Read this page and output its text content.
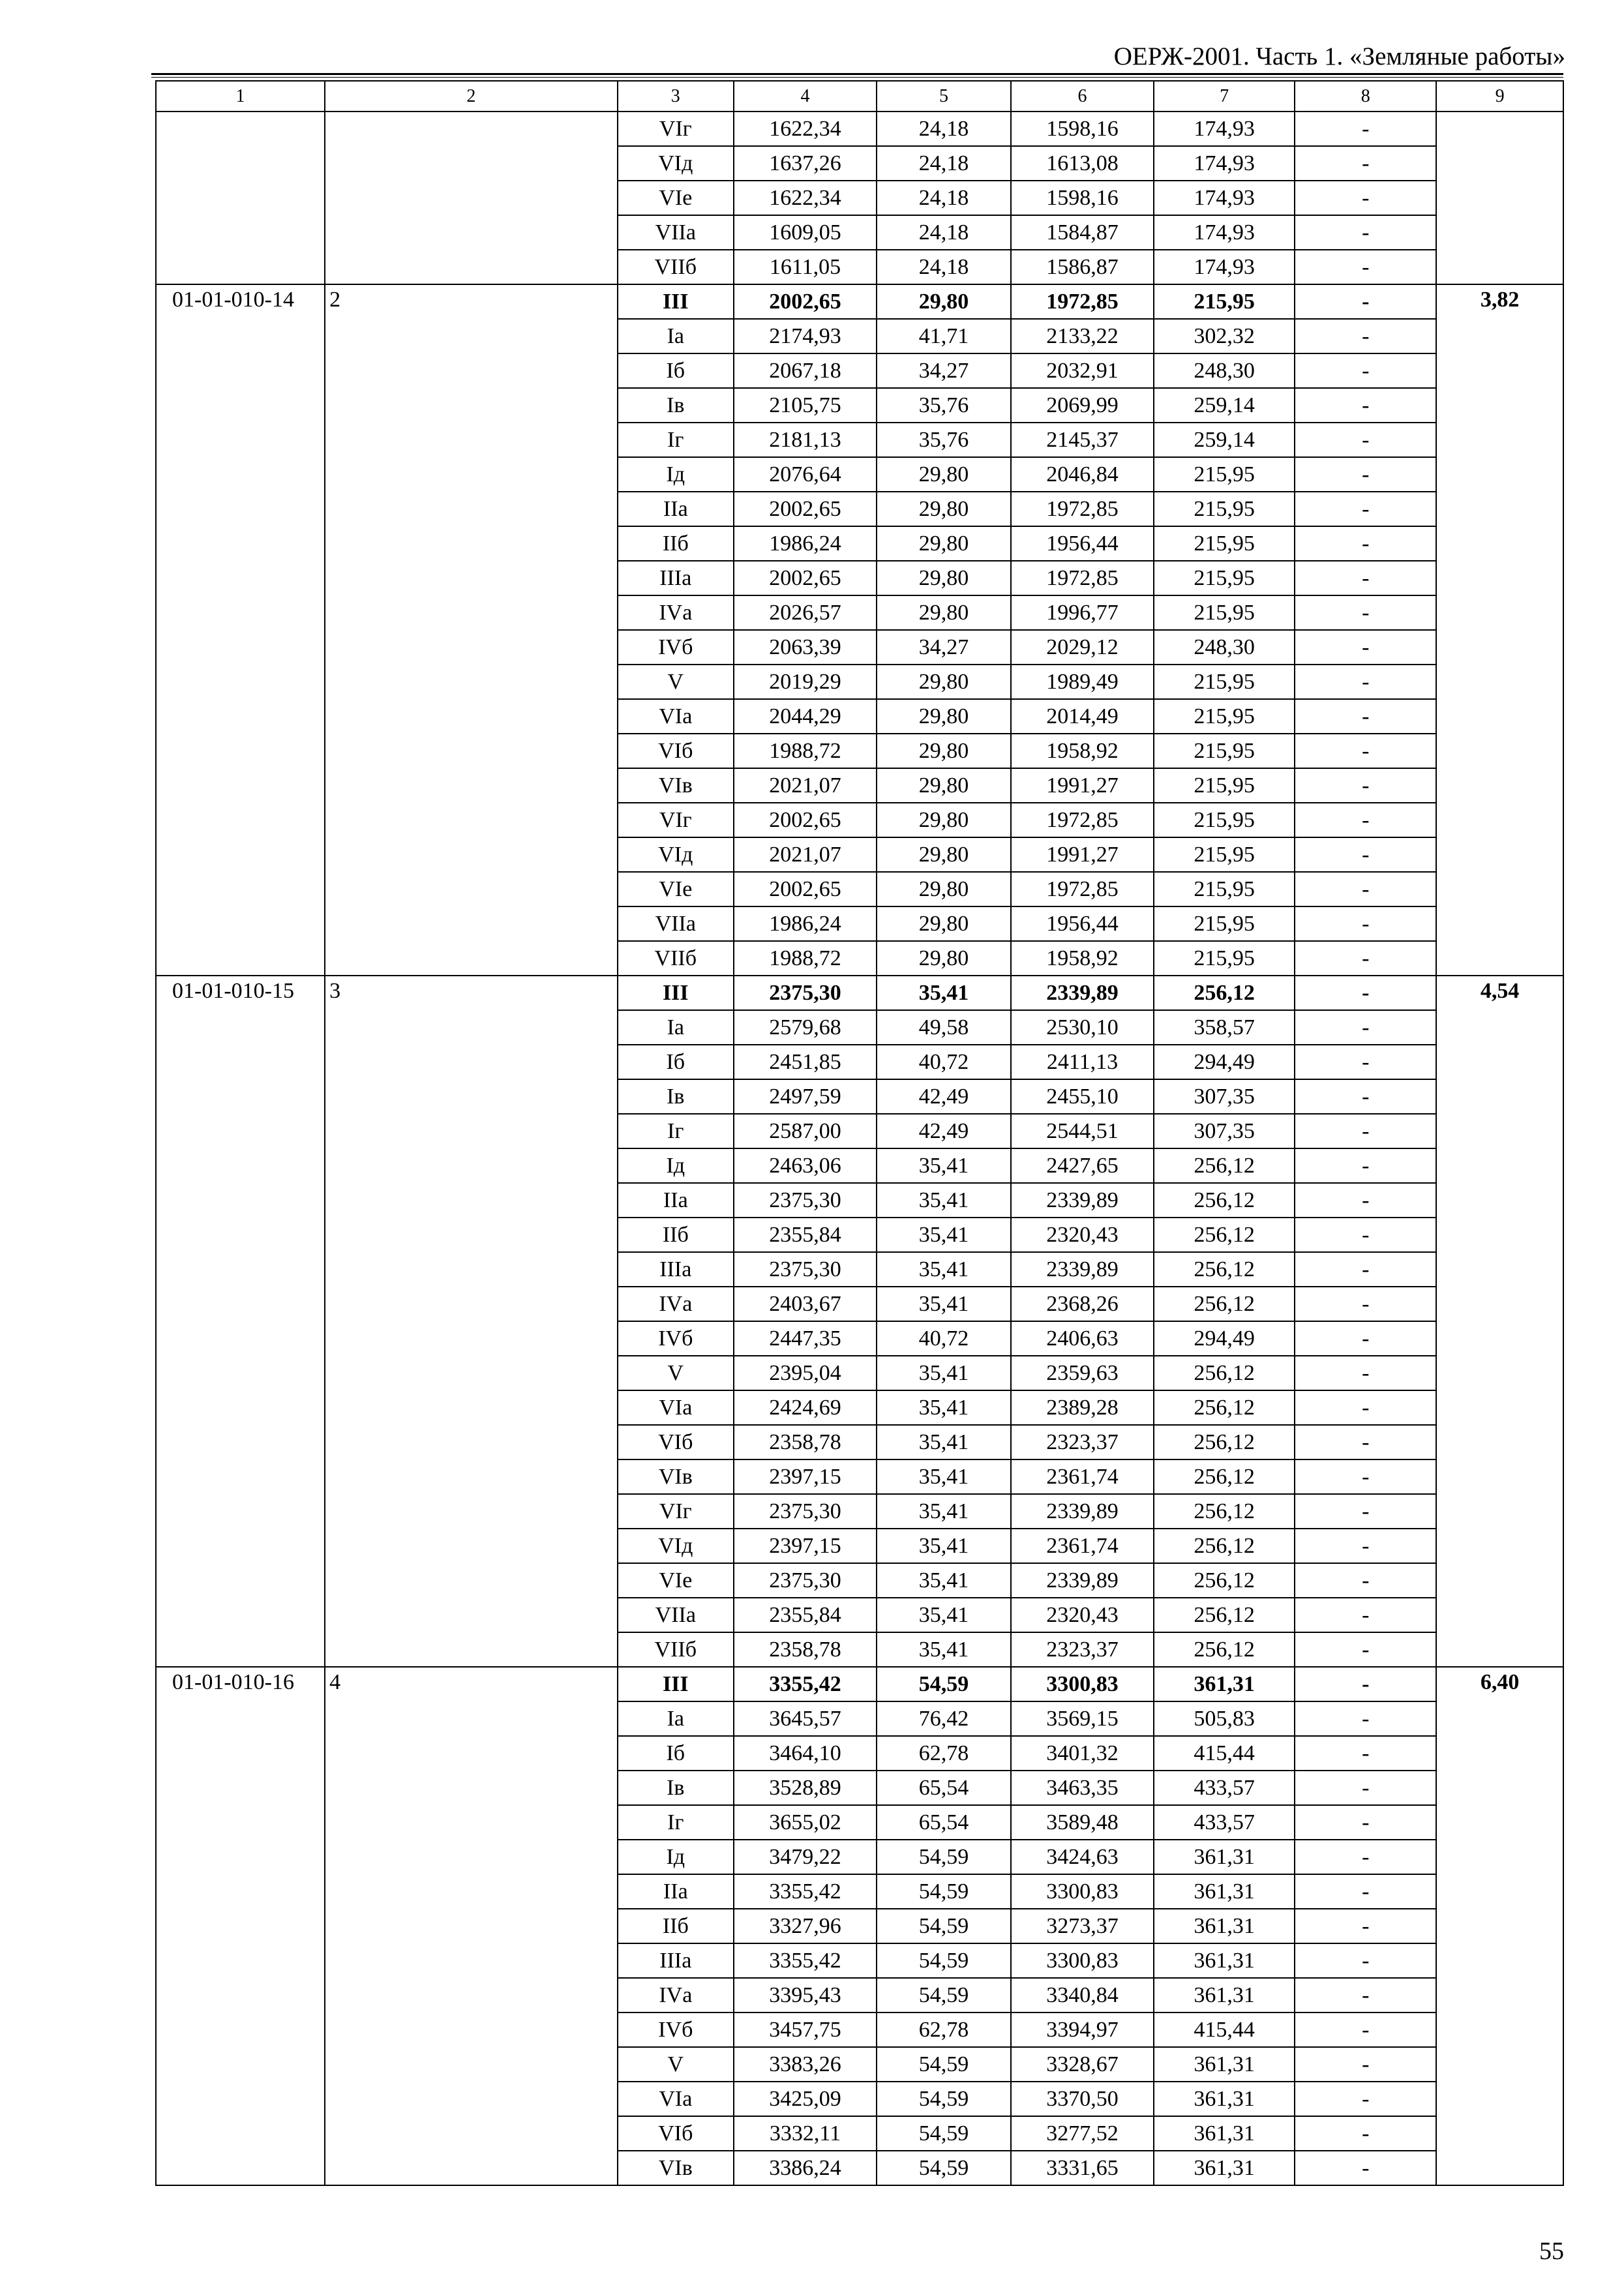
ОЕРЖ-2001. Часть 1. «Земляные работы»
1	2	3	4	5	6	7	8	9
		VIг	1622,34	24,18	1598,16	174,93	-	
		VIд	1637,26	24,18	1613,08	174,93	-	
		VIе	1622,34	24,18	1598,16	174,93	-	
		VIIа	1609,05	24,18	1584,87	174,93	-	
		VIIб	1611,05	24,18	1586,87	174,93	-	
01-01-010-14	2	III	2002,65	29,80	1972,85	215,95	-	3,82
		Iа	2174,93	41,71	2133,22	302,32	-	
		Iб	2067,18	34,27	2032,91	248,30	-	
		Iв	2105,75	35,76	2069,99	259,14	-	
		Iг	2181,13	35,76	2145,37	259,14	-	
		Iд	2076,64	29,80	2046,84	215,95	-	
		IIа	2002,65	29,80	1972,85	215,95	-	
		IIб	1986,24	29,80	1956,44	215,95	-	
		IIIа	2002,65	29,80	1972,85	215,95	-	
		IVа	2026,57	29,80	1996,77	215,95	-	
		IVб	2063,39	34,27	2029,12	248,30	-	
		V	2019,29	29,80	1989,49	215,95	-	
		VIа	2044,29	29,80	2014,49	215,95	-	
		VIб	1988,72	29,80	1958,92	215,95	-	
		VIв	2021,07	29,80	1991,27	215,95	-	
		VIг	2002,65	29,80	1972,85	215,95	-	
		VIд	2021,07	29,80	1991,27	215,95	-	
		VIе	2002,65	29,80	1972,85	215,95	-	
		VIIа	1986,24	29,80	1956,44	215,95	-	
		VIIб	1988,72	29,80	1958,92	215,95	-	
01-01-010-15	3	III	2375,30	35,41	2339,89	256,12	-	4,54
		Iа	2579,68	49,58	2530,10	358,57	-	
		Iб	2451,85	40,72	2411,13	294,49	-	
		Iв	2497,59	42,49	2455,10	307,35	-	
		Iг	2587,00	42,49	2544,51	307,35	-	
		Iд	2463,06	35,41	2427,65	256,12	-	
		IIа	2375,30	35,41	2339,89	256,12	-	
		IIб	2355,84	35,41	2320,43	256,12	-	
		IIIа	2375,30	35,41	2339,89	256,12	-	
		IVа	2403,67	35,41	2368,26	256,12	-	
		IVб	2447,35	40,72	2406,63	294,49	-	
		V	2395,04	35,41	2359,63	256,12	-	
		VIа	2424,69	35,41	2389,28	256,12	-	
		VIб	2358,78	35,41	2323,37	256,12	-	
		VIв	2397,15	35,41	2361,74	256,12	-	
		VIг	2375,30	35,41	2339,89	256,12	-	
		VIд	2397,15	35,41	2361,74	256,12	-	
		VIе	2375,30	35,41	2339,89	256,12	-	
		VIIа	2355,84	35,41	2320,43	256,12	-	
		VIIб	2358,78	35,41	2323,37	256,12	-	
01-01-010-16	4	III	3355,42	54,59	3300,83	361,31	-	6,40
		Iа	3645,57	76,42	3569,15	505,83	-	
		Iб	3464,10	62,78	3401,32	415,44	-	
		Iв	3528,89	65,54	3463,35	433,57	-	
		Iг	3655,02	65,54	3589,48	433,57	-	
		Iд	3479,22	54,59	3424,63	361,31	-	
		IIа	3355,42	54,59	3300,83	361,31	-	
		IIб	3327,96	54,59	3273,37	361,31	-	
		IIIа	3355,42	54,59	3300,83	361,31	-	
		IVа	3395,43	54,59	3340,84	361,31	-	
		IVб	3457,75	62,78	3394,97	415,44	-	
		V	3383,26	54,59	3328,67	361,31	-	
		VIа	3425,09	54,59	3370,50	361,31	-	
		VIб	3332,11	54,59	3277,52	361,31	-	
		VIв	3386,24	54,59	3331,65	361,31	-	
55
